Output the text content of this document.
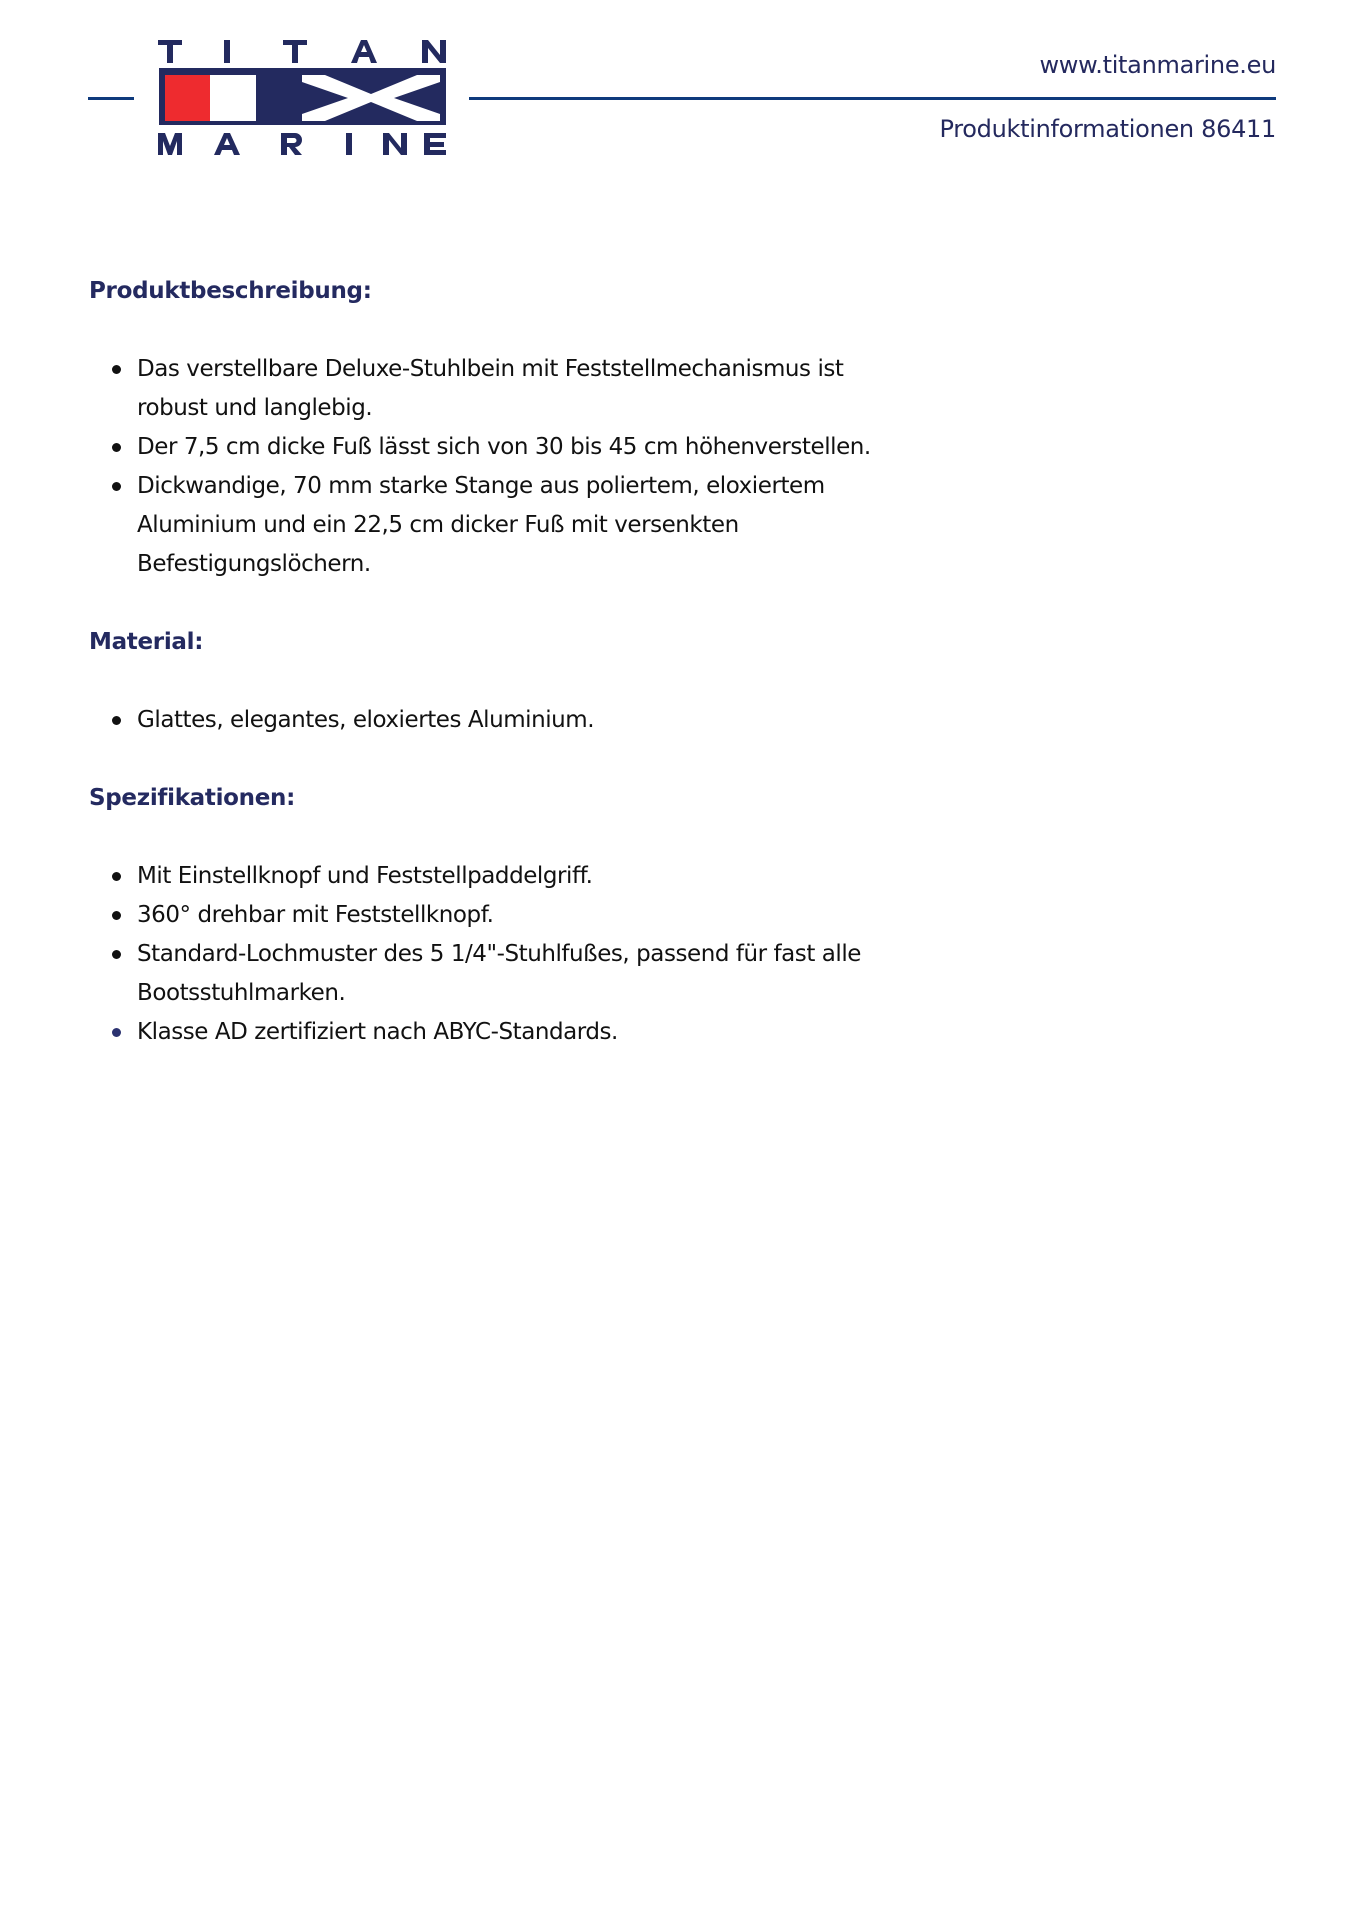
www.titanmarine.eu
Produktinformationen 86411
Produktbeschreibung:
Das verstellbare Deluxe-Stuhlbein mit Feststellmechanismus ist
robust und langlebig.
Der 7,5 cm dicke Fuß lässt sich von 30 bis 45 cm höhenverstellen.
Dickwandige, 70 mm starke Stange aus poliertem, eloxiertem
Aluminium und ein 22,5 cm dicker Fuß mit versenkten
Befestigungslöchern.
Material:
Glattes, elegantes, eloxiertes Aluminium.
Spezifikationen:
Mit Einstellknopf und Feststellpaddelgriff.
360° drehbar mit Feststellknopf.
Standard-Lochmuster des 5 1/4"-Stuhlfußes, passend für fast alle
Bootsstuhlmarken.
Klasse AD zertifiziert nach ABYC-Standards.
